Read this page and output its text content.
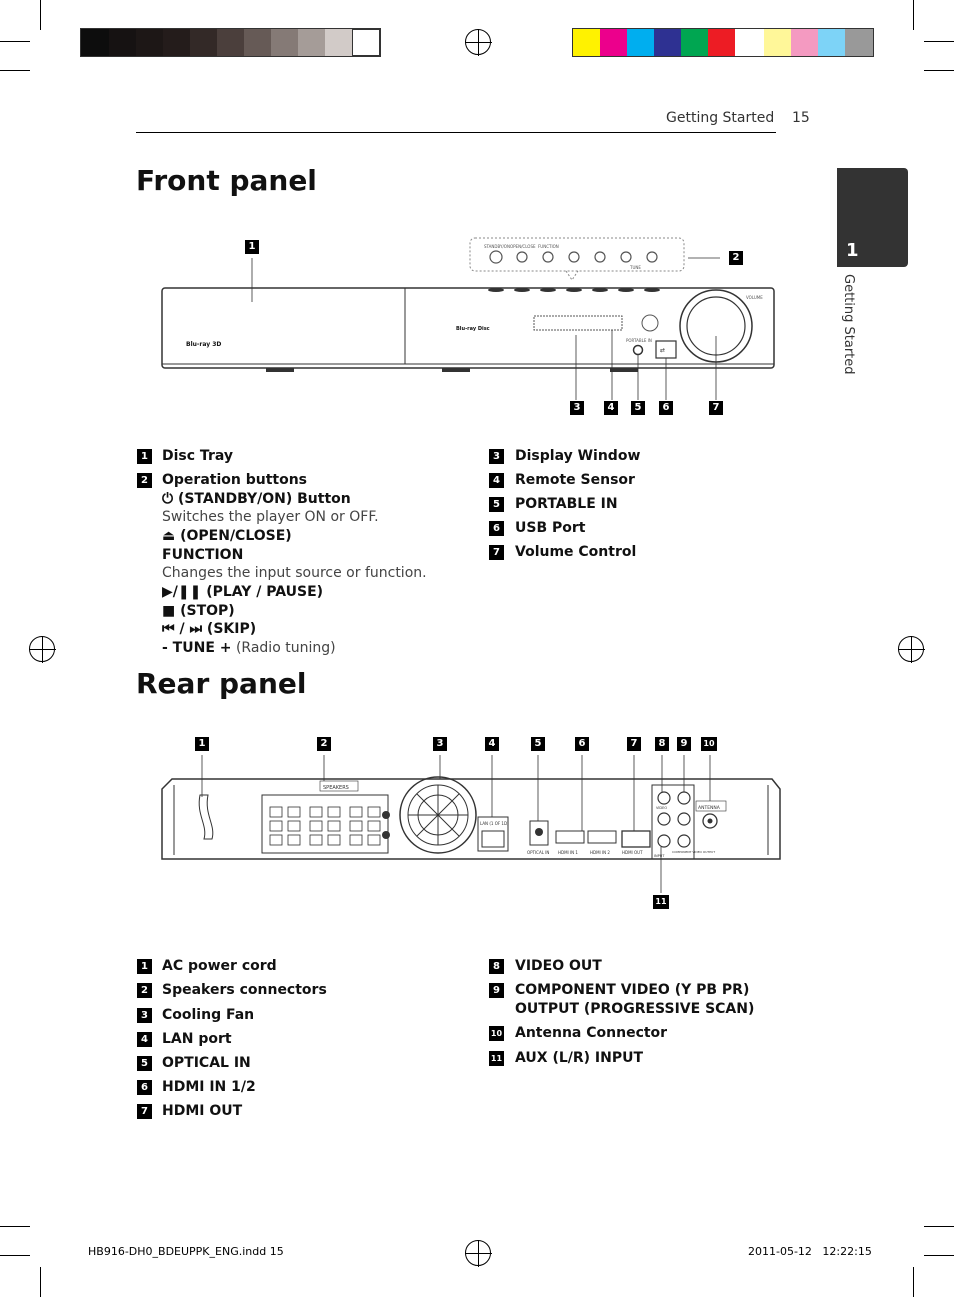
Getting Started 15
1
Getting Started
Front panel
STANDBY/ON OPEN/CLOSE FUNCTION
TUNE
Blu-ray 3D
Blu-ray Disc
PORTABLE IN
⇄
VOLUME
1
2
3	4	5	6	7
1 Disc Tray
2 Operation buttons
⏻ (STANDBY/ON) Button
Switches the player ON or OFF.
⏏ (OPEN/CLOSE)
FUNCTION
Changes the input source or function.
▶/❚❚ (PLAY / PAUSE)
■ (STOP)
⏮ / ⏭ (SKIP)
- TUNE + (Radio tuning)
3 Display Window
4 Remote Sensor
5 PORTABLE IN
6 USB Port
7 Volume Control
Rear panel
SPEAKERS
LAN (1 OF 1D)
OPTICAL IN HDMI IN 1	HDMI IN 2	HDMI OUT
VIDEO
INPUT
COMPONENT VIDEO OUTPUT
ANTENNA
1	2	3	4	5	6	7	8	9	10
11
1 AC power cord
2 Speakers connectors
3 Cooling Fan
4 LAN port
5 OPTICAL IN
6 HDMI IN 1/2
7 HDMI OUT
8 VIDEO OUT
9 COMPONENT VIDEO (Y PB PR)
OUTPUT (PROGRESSIVE SCAN)
10 Antenna Connector
11 AUX (L/R) INPUT
HB916-DH0_BDEUPPK_ENG.indd 15	2011-05-12   12:22:15
